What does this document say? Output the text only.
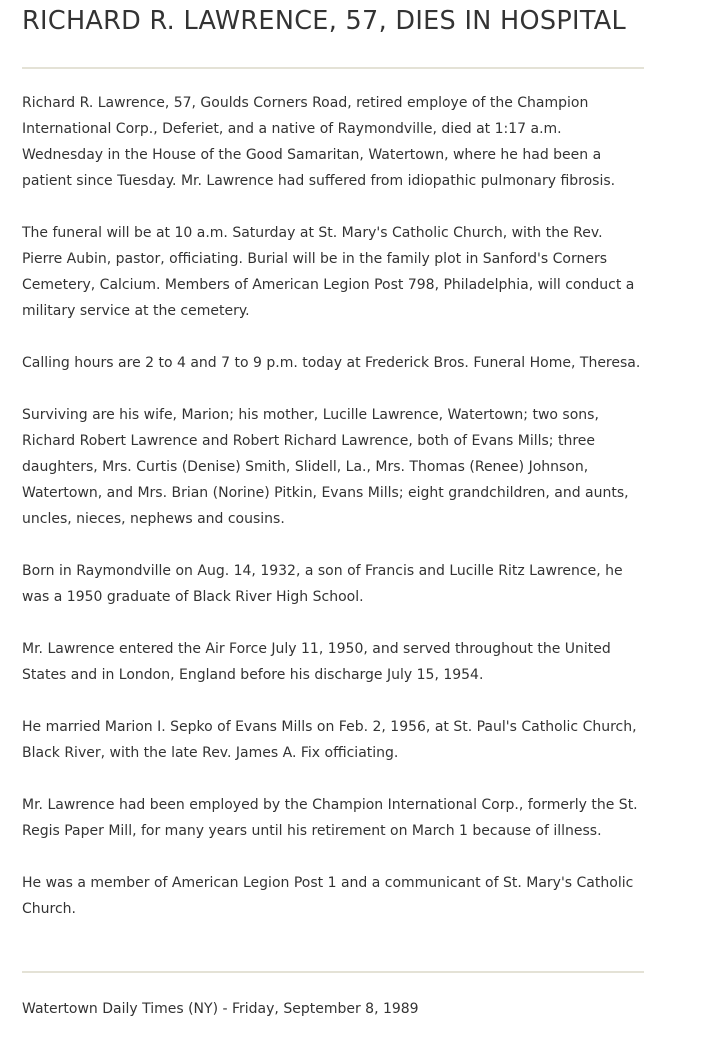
RICHARD R. LAWRENCE, 57, DIES IN HOSPITAL

Richard R. Lawrence, 57, Goulds Corners Road, retired employe of the Champion International Corp., Deferiet, and a native of Raymondville, died at 1:17 a.m. Wednesday in the House of the Good Samaritan, Watertown, where he had been a patient since Tuesday. Mr. Lawrence had suffered from idiopathic pulmonary fibrosis.

The funeral will be at 10 a.m. Saturday at St. Mary's Catholic Church, with the Rev. Pierre Aubin, pastor, officiating. Burial will be in the family plot in Sanford's Corners Cemetery, Calcium. Members of American Legion Post 798, Philadelphia, will conduct a military service at the cemetery.

Calling hours are 2 to 4 and 7 to 9 p.m. today at Frederick Bros. Funeral Home, Theresa.

Surviving are his wife, Marion; his mother, Lucille Lawrence, Watertown; two sons, Richard Robert Lawrence and Robert Richard Lawrence, both of Evans Mills; three daughters, Mrs. Curtis (Denise) Smith, Slidell, La., Mrs. Thomas (Renee) Johnson, Watertown, and Mrs. Brian (Norine) Pitkin, Evans Mills; eight grandchildren, and aunts, uncles, nieces, nephews and cousins.

Born in Raymondville on Aug. 14, 1932, a son of Francis and Lucille Ritz Lawrence, he was a 1950 graduate of Black River High School.

Mr. Lawrence entered the Air Force July 11, 1950, and served throughout the United States and in London, England before his discharge July 15, 1954.

He married Marion I. Sepko of Evans Mills on Feb. 2, 1956, at St. Paul's Catholic Church, Black River, with the late Rev. James A. Fix officiating.

Mr. Lawrence had been employed by the Champion International Corp., formerly the St. Regis Paper Mill, for many years until his retirement on March 1 because of illness.

He was a member of American Legion Post 1 and a communicant of St. Mary's Catholic Church.

Watertown Daily Times (NY) - Friday, September 8, 1989
